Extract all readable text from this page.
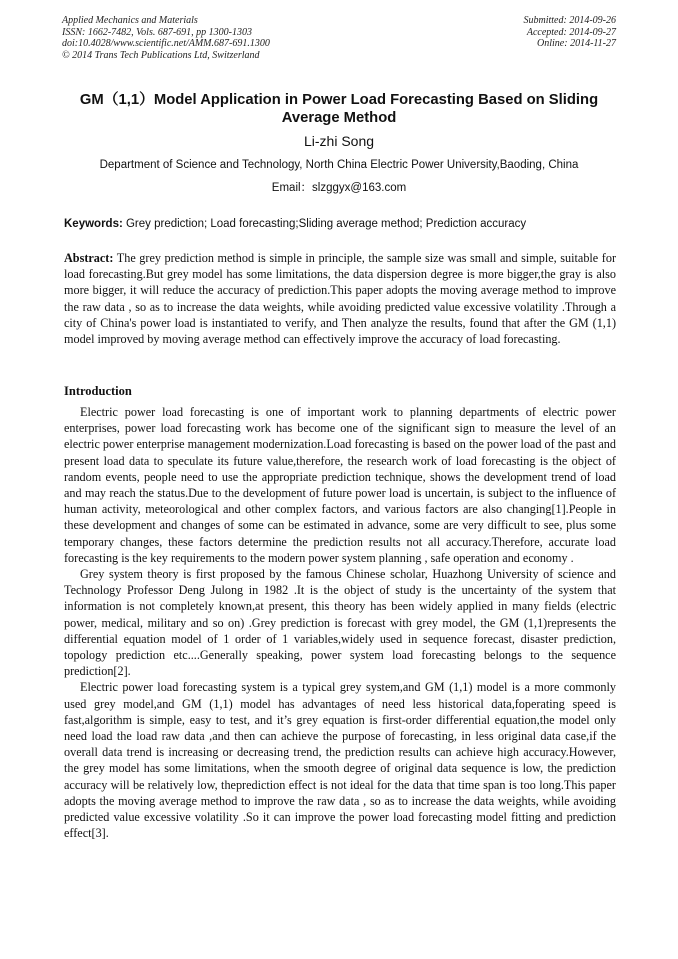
Applied Mechanics and Materials
ISSN: 1662-7482, Vols. 687-691, pp 1300-1303
doi:10.4028/www.scientific.net/AMM.687-691.1300
© 2014 Trans Tech Publications Ltd, Switzerland
Submitted: 2014-09-26
Accepted: 2014-09-27
Online: 2014-11-27
GM（1,1）Model Application in Power Load Forecasting Based on Sliding Average Method
Li-zhi Song
Department of Science and Technology, North China Electric Power University,Baoding, China
Email：slzggyx@163.com
Keywords: Grey prediction; Load forecasting;Sliding average method; Prediction accuracy

Abstract: The grey prediction method is simple in principle, the sample size was small and simple, suitable for load forecasting.But grey model has some limitations, the data dispersion degree is more bigger,the gray is also more bigger, it will reduce the accuracy of prediction.This paper adopts the moving average method to improve the raw data , so as to increase the data weights, while avoiding predicted value excessive volatility .Through a city of China's power load is instantiated to verify, and Then analyze the results, found that after the GM (1,1) model improved by moving average method can effectively improve the accuracy of load forecasting.

Introduction

Electric power load forecasting is one of important work to planning departments of electric power enterprises, power load forecasting work has become one of the significant sign to measure the level of an electric power enterprise management modernization.Load forecasting is based on the power load of the past and present load data to speculate its future value,therefore, the research work of load forecasting is the object of random events, people need to use the appropriate prediction technique, shows the development trend of load and may reach the status.Due to the development of future power load is uncertain, is subject to the influence of human activity, meteorological and other complex factors, and various factors are also changing[1].People in these development and changes of some can be estimated in advance, some are very difficult to see, plus some temporary changes, these factors determine the prediction results not all accuracy.Therefore, accurate load forecasting is the key requirements to the modern power system planning , safe operation and economy .

Grey system theory is first proposed by the famous Chinese scholar, Huazhong University of science and Technology Professor Deng Julong in 1982 .It is the object of study is the uncertainty of the system that information is not completely known,at present, this theory has been widely applied in many fields (electric power, medical, military and so on) .Grey prediction is forecast with grey model, the GM (1,1)represents the differential equation model of 1 order of 1 variables,widely used in sequence forecast, disaster prediction, topology prediction etc....Generally speaking, power system load forecasting belongs to the sequence prediction[2].

Electric power load forecasting system is a typical grey system,and GM (1,1) model is a more commonly used grey model,and GM (1,1) model has advantages of need less historical data,foperating speed is fast,algorithm is simple, easy to test, and it’s grey equation is first-order differential equation,the model only need load the load raw data ,and then can achieve the purpose of forecasting, in less original data case,if the overall data trend is increasing or decreasing trend, the prediction results can achieve high accuracy.However, the grey model has some limitations, when the smooth degree of original data sequence is low, the prediction accuracy will be relatively low, theprediction effect is not ideal for the data that time span is too long.This paper adopts the moving average method to improve the raw data , so as to increase the data weights, while avoiding predicted value excessive volatility .So it can improve the power load forecasting model fitting and prediction effect[3].
